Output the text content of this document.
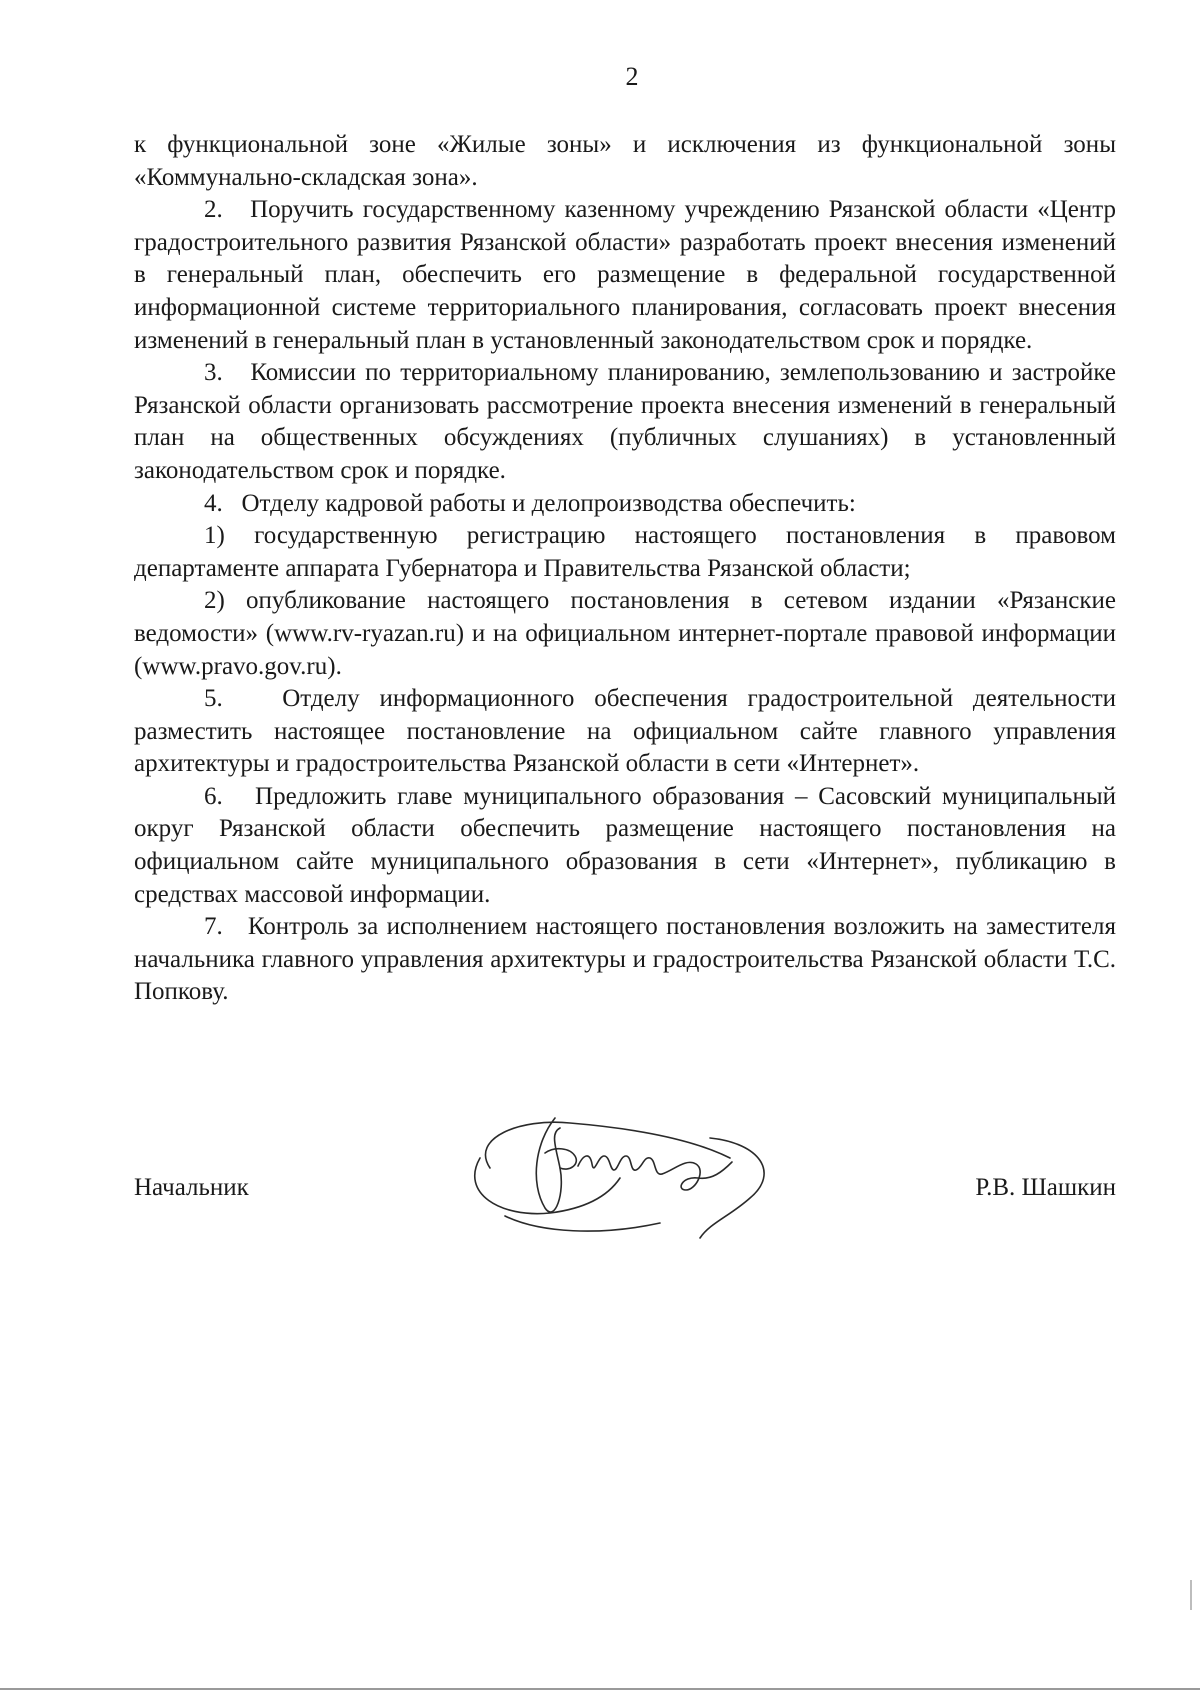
2

к функциональной зоне «Жилые зоны» и исключения из функциональной зоны «Коммунально-складская зона».

2. Поручить государственному казенному учреждению Рязанской области «Центр градостроительного развития Рязанской области» разработать проект внесения изменений в генеральный план, обеспечить его размещение в федеральной государственной информационной системе территориального планирования, согласовать проект внесения изменений в генеральный план в установленный законодательством срок и порядке.

3. Комиссии по территориальному планированию, землепользованию и застройке Рязанской области организовать рассмотрение проекта внесения изменений в генеральный план на общественных обсуждениях (публичных слушаниях) в установленный законодательством срок и порядке.

4. Отделу кадровой работы и делопроизводства обеспечить:

1) государственную регистрацию настоящего постановления в правовом департаменте аппарата Губернатора и Правительства Рязанской области;

2) опубликование настоящего постановления в сетевом издании «Рязанские ведомости» (www.rv-ryazan.ru) и на официальном интернет-портале правовой информации (www.pravo.gov.ru).

5. Отделу информационного обеспечения градостроительной деятельности разместить настоящее постановление на официальном сайте главного управления архитектуры и градостроительства Рязанской области в сети «Интернет».

6. Предложить главе муниципального образования – Сасовский муниципальный округ Рязанской области обеспечить размещение настоящего постановления на официальном сайте муниципального образования в сети «Интернет», публикацию в средствах массовой информации.

7. Контроль за исполнением настоящего постановления возложить на заместителя начальника главного управления архитектуры и градостроительства Рязанской области Т.С. Попкову.

Начальник	Р.В. Шашкин
